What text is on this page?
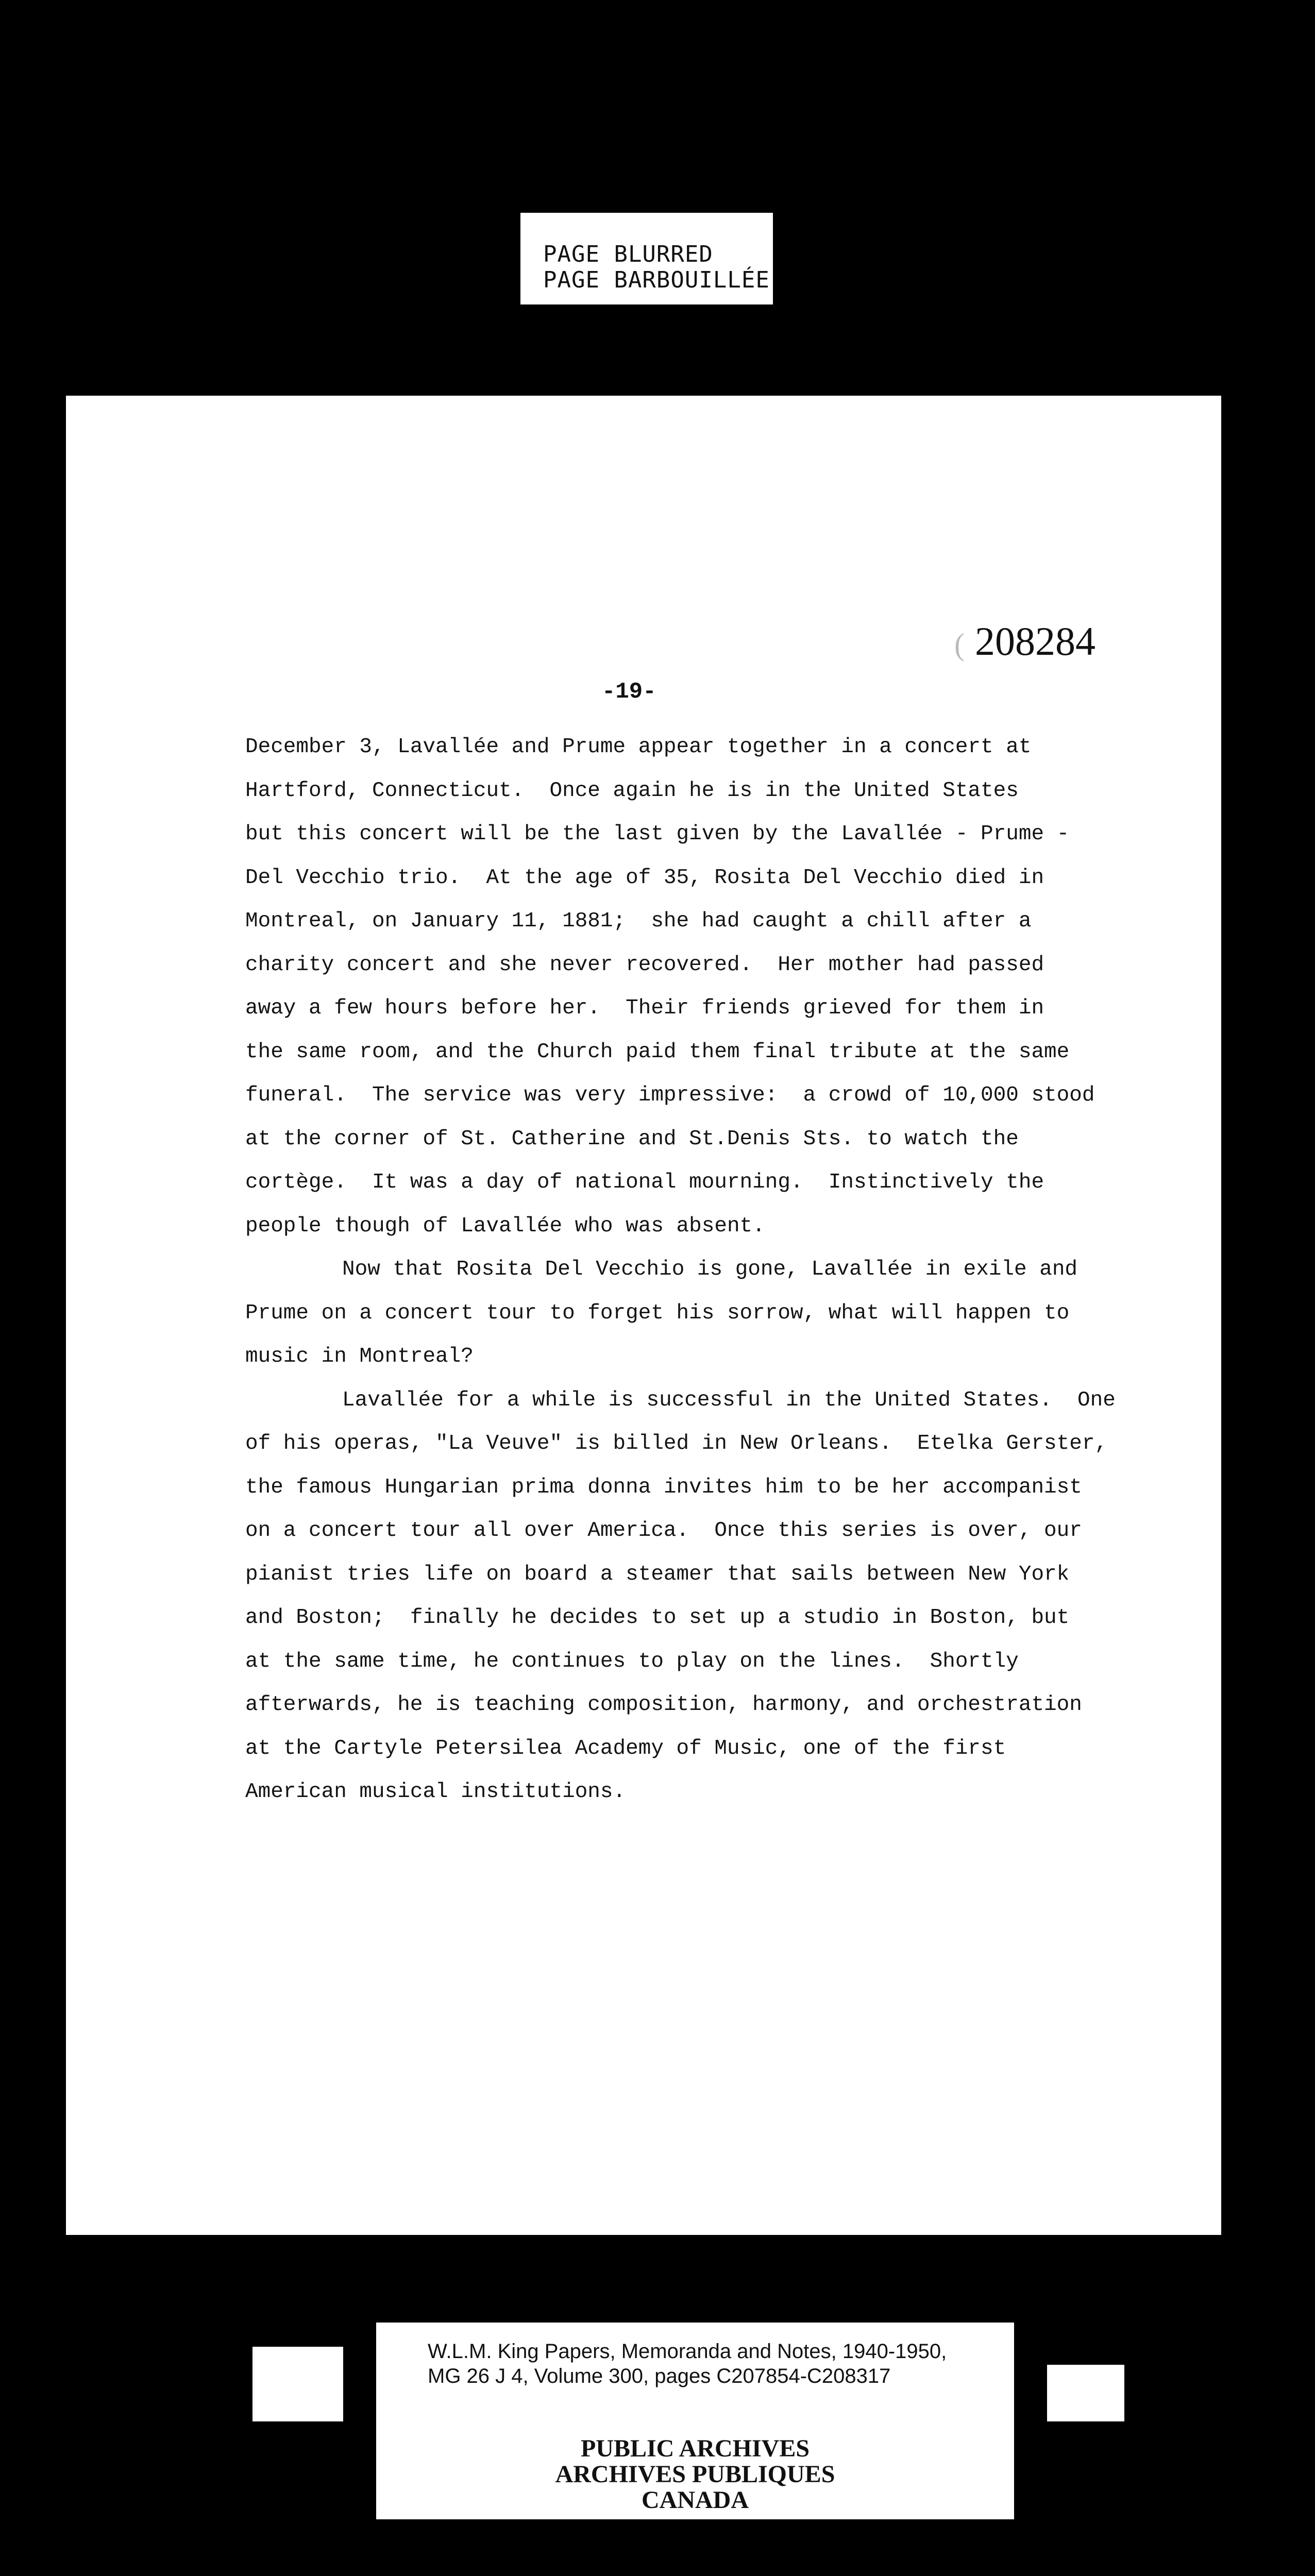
PAGE BLURRED
PAGE BARBOUILLÉE
( 208284
-19-
December 3, Lavallée and Prume appear together in a concert at
Hartford, Connecticut.  Once again he is in the United States
but this concert will be the last given by the Lavallée - Prume -
Del Vecchio trio.  At the age of 35, Rosita Del Vecchio died in
Montreal, on January 11, 1881;  she had caught a chill after a
charity concert and she never recovered.  Her mother had passed
away a few hours before her.  Their friends grieved for them in
the same room, and the Church paid them final tribute at the same
funeral.  The service was very impressive:  a crowd of 10,000 stood
at the corner of St. Catherine and St.Denis Sts. to watch the
cortège.  It was a day of national mourning.  Instinctively the
people though of Lavallée who was absent.
Now that Rosita Del Vecchio is gone, Lavallée in exile and
Prume on a concert tour to forget his sorrow, what will happen to
music in Montreal?
Lavallée for a while is successful in the United States.  One
of his operas, "La Veuve" is billed in New Orleans.  Etelka Gerster,
the famous Hungarian prima donna invites him to be her accompanist
on a concert tour all over America.  Once this series is over, our
pianist tries life on board a steamer that sails between New York
and Boston;  finally he decides to set up a studio in Boston, but
at the same time, he continues to play on the lines.  Shortly
afterwards, he is teaching composition, harmony, and orchestration
at the Cartyle Petersilea Academy of Music, one of the first
American musical institutions.
W.L.M. King Papers, Memoranda and Notes, 1940-1950,
MG 26 J 4, Volume 300, pages C207854-C208317
PUBLIC ARCHIVES
ARCHIVES PUBLIQUES
CANADA
